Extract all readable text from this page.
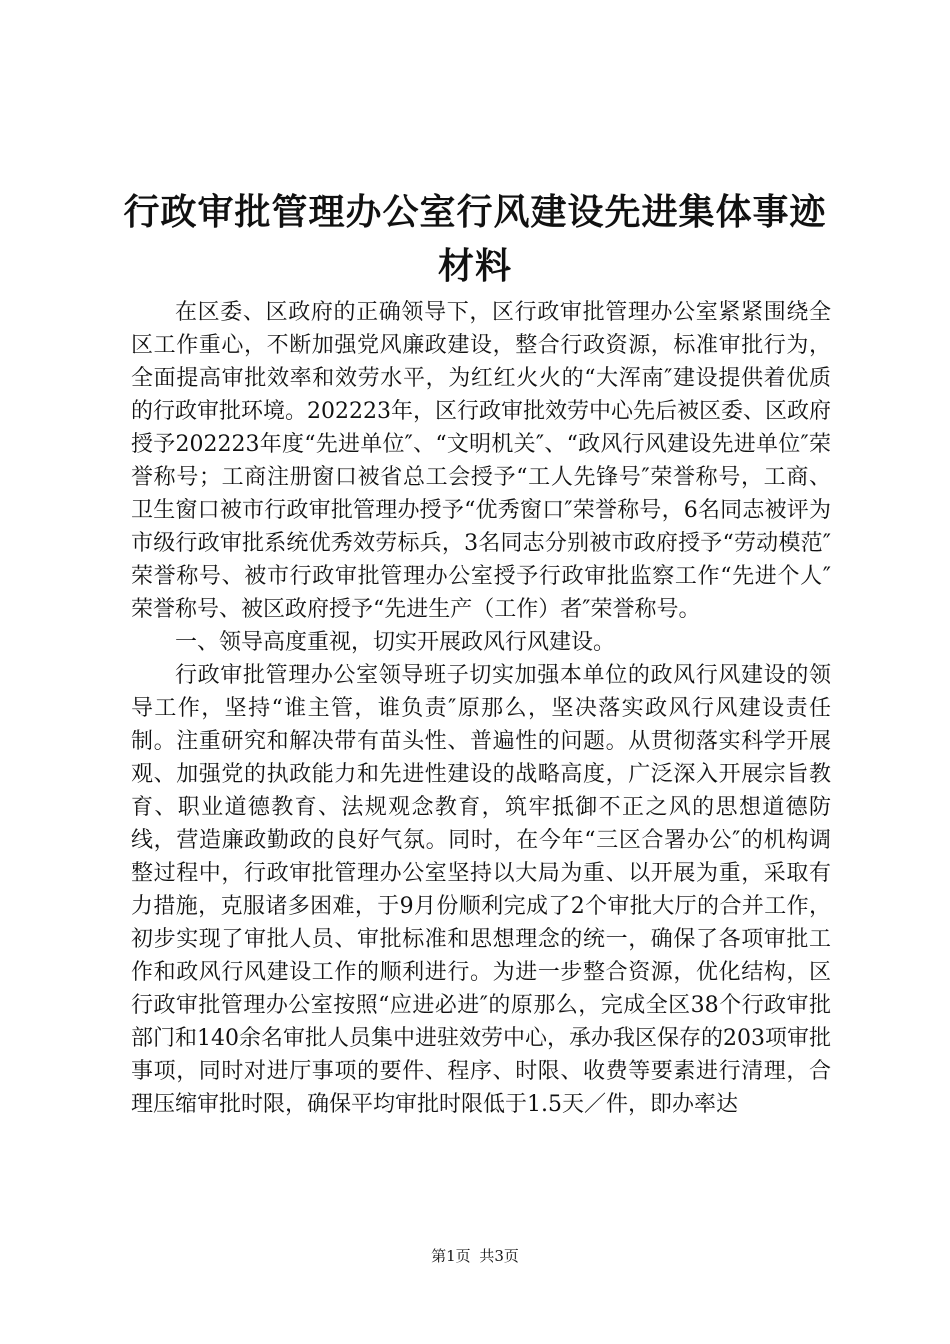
行政审批管理办公室行风建设先进集体事迹材料

在区委、区政府的正确领导下，区行政审批管理办公室紧紧围绕全区工作重心，不断加强党风廉政建设，整合行政资源，标准审批行为，全面提高审批效率和效劳水平，为红红火火的“大浑南″建设提供着优质的行政审批环境。202223年，区行政审批效劳中心先后被区委、区政府授予202223年度“先进单位″、“文明机关″、“政风行风建设先进单位″荣誉称号；工商注册窗口被省总工会授予“工人先锋号″荣誉称号，工商、卫生窗口被市行政审批管理办授予“优秀窗口″荣誉称号，6名同志被评为市级行政审批系统优秀效劳标兵，3名同志分别被市政府授予“劳动模范″荣誉称号、被市行政审批管理办公室授予行政审批监察工作“先进个人″荣誉称号、被区政府授予“先进生产（工作）者″荣誉称号。

一、领导高度重视，切实开展政风行风建设。

行政审批管理办公室领导班子切实加强本单位的政风行风建设的领导工作，坚持“谁主管，谁负责″原那么，坚决落实政风行风建设责任制。注重研究和解决带有苗头性、普遍性的问题。从贯彻落实科学开展观、加强党的执政能力和先进性建设的战略高度，广泛深入开展宗旨教育、职业道德教育、法规观念教育，筑牢抵御不正之风的思想道德防线，营造廉政勤政的良好气氛。同时，在今年“三区合署办公″的机构调整过程中，行政审批管理办公室坚持以大局为重、以开展为重，采取有力措施，克服诸多困难，于9月份顺利完成了2个审批大厅的合并工作，初步实现了审批人员、审批标准和思想理念的统一，确保了各项审批工作和政风行风建设工作的顺利进行。为进一步整合资源，优化结构，区行政审批管理办公室按照“应进必进″的原那么，完成全区38个行政审批部门和140余名审批人员集中进驻效劳中心，承办我区保存的203项审批事项，同时对进厅事项的要件、程序、时限、收费等要素进行清理，合理压缩审批时限，确保平均审批时限低于1.5天／件，即办率达

第1页 共3页
